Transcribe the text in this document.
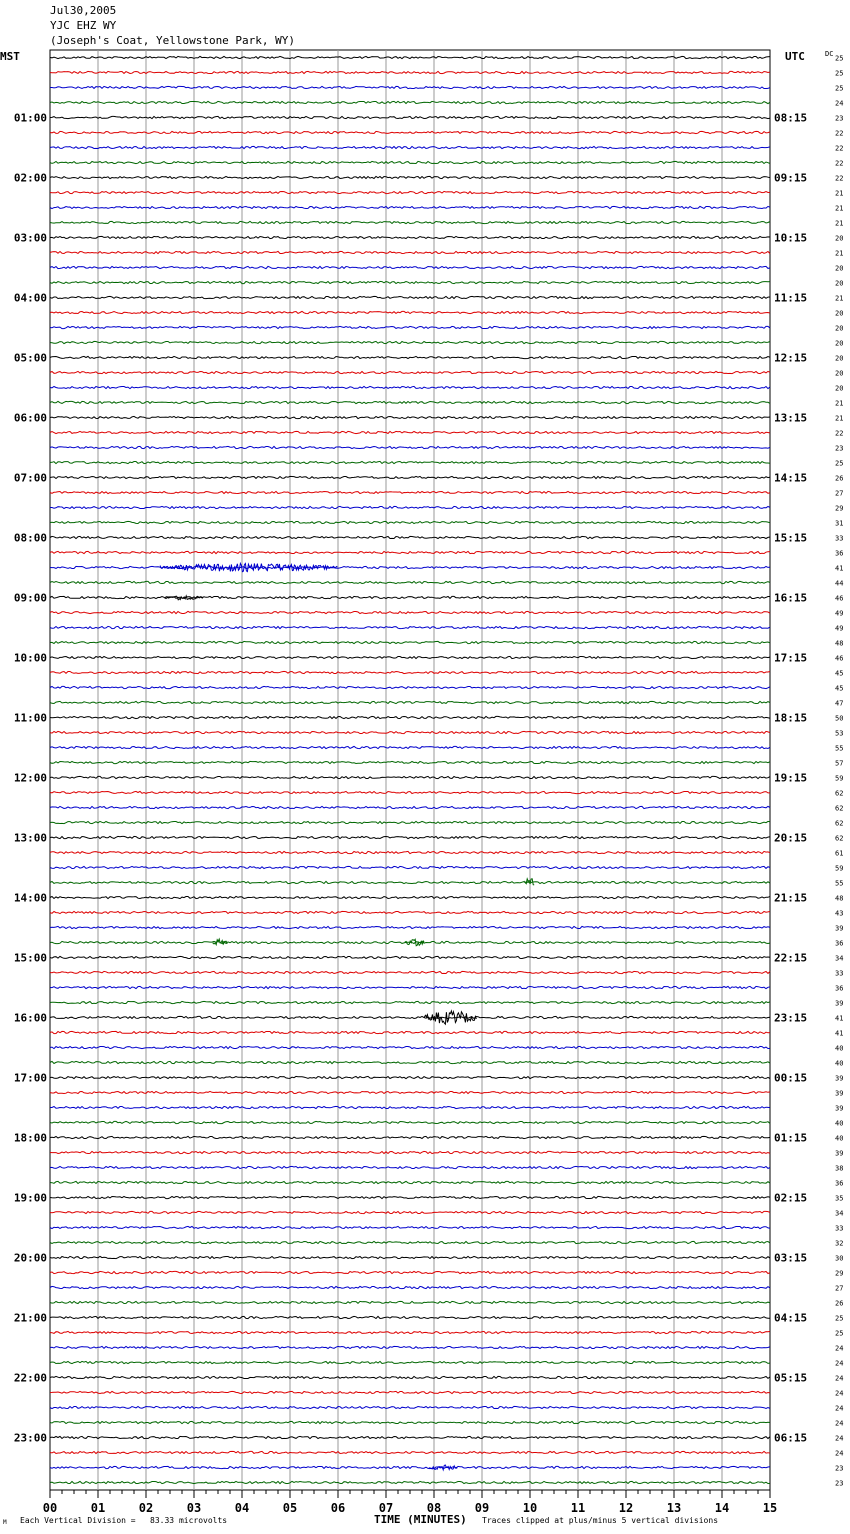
Jul30,2005
YJC EHZ WY
(Joseph's Coat, Yellowstone Park, WY)
MST	UTC	DC
00	01	02	03	04	05	06	07	08	09	10	11	12	13	14	15
01:00
02:00
03:00
04:00
05:00
06:00
07:00
08:00
09:00
10:00
11:00
12:00
13:00
14:00
15:00
16:00
17:00
18:00
19:00
20:00
21:00
22:00
23:00
08:15
09:15
10:15
11:15
12:15
13:15
14:15
15:15
16:15
17:15
18:15
19:15
20:15
21:15
22:15
23:15
00:15
01:15
02:15
03:15
04:15
05:15
06:15
25
25
25
24
23
22
22
22
22
21
21
21
20
21
20
20
21
20
20
20
20
20
20
21
21
22
23
25
26
27
29
31
33
36
41
44
46
49
49
48
46
45
45
47
50
53
55
57
59
62
62
62
62
61
59
55
48
43
39
36
34
33
36
39
41
41
40
40
39
39
39
40
40
39
38
36
35
34
33
32
30
29
27
26
25
25
24
24
24
24
24
24
24
24
23
23
M Each Vertical Division =   83.33 microvolts	TIME (MINUTES) Traces clipped at plus/minus 5 vertical divisions
